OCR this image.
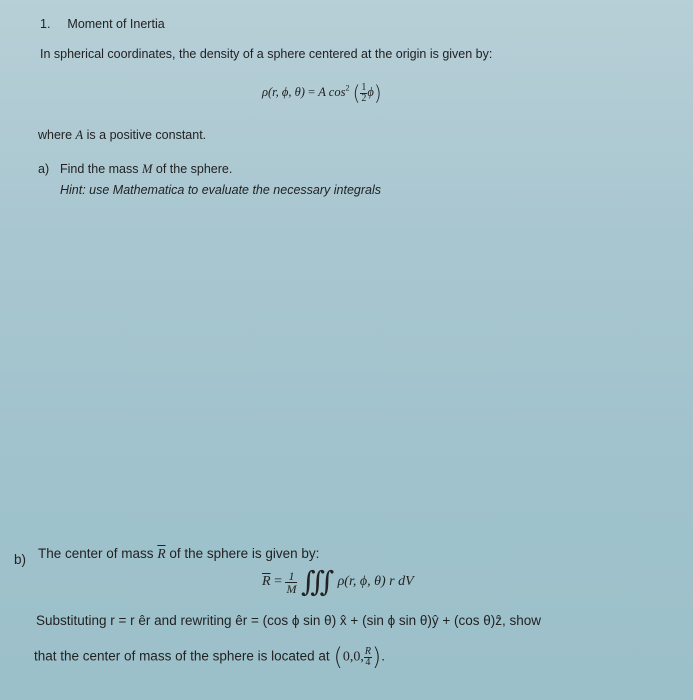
1. Moment of Inertia
In spherical coordinates, the density of a sphere centered at the origin is given by:
ρ(r, ϕ, θ) = A $\cos^2$ ( $\frac{1}{2} \phi$)
where A is a positive constant.
a) Find the mass M of the sphere.
Hint: use Mathematica to evaluate the necessary integrals
b) The center of mass $\overline{R}$ of the sphere is given by:
$\overline{R} = \frac{1}{M}$ ∭ ρ(r, ϕ, θ) r dV
Substituting r = r êr and rewriting êr = (cos ϕ sin θ) x̂ + (sin ϕ sin θ)ŷ + (cos θ)ẑ, show
that the center of mass of the sphere is located at (0,0, $\frac{R}{4}$ ).
